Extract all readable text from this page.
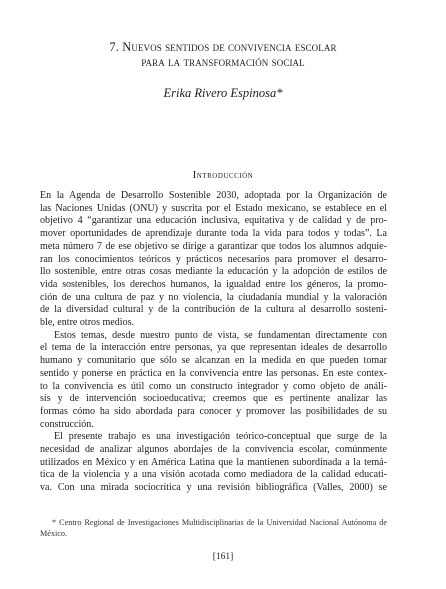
7. Nuevos sentidos de convivencia escolar
para la transformación social
Erika Rivero Espinosa*
Introducción

En la Agenda de Desarrollo Sostenible 2030, adoptada por la Organización de

las Naciones Unidas (ONU) y suscrita por el Estado mexicano, se establece en el

objetivo 4 “garantizar una educación inclusiva, equitativa y de calidad y de pro-

mover oportunidades de aprendizaje durante toda la vida para todos y todas”. La

meta número 7 de ese objetivo se dirige a garantizar que todos los alumnos adquie-

ran los conocimientos teóricos y prácticos necesarios para promover el desarro-

llo sostenible, entre otras cosas mediante la educación y la adopción de estilos de

vida sostenibles, los derechos humanos, la igualdad entre los géneros, la promo-

ción de una cultura de paz y no violencia, la ciudadanía mundial y la valoración

de la diversidad cultural y de la contribución de la cultura al desarrollo sosteni-

ble, entre otros medios.

Estos temas, desde nuestro punto de vista, se fundamentan directamente con

el tema de la interacción entre personas, ya que representan ideales de desarrollo

humano y comunitario que sólo se alcanzan en la medida en que pueden tomar

sentido y ponerse en práctica en la convivencia entre las personas. En este contex-

to la convivencia es útil como un constructo integrador y como objeto de análi-

sis y de intervención socioeducativa; creemos que es pertinente analizar las

formas cómo ha sido abordada para conocer y promover las posibilidades de su

construcción.

El presente trabajo es una investigación teórico-conceptual que surge de la

necesidad de analizar algunos abordajes de la convivencia escolar, comúnmente

utilizados en México y en América Latina que la mantienen subordinada a la temá-

tica de la violencia y a una visión acotada como mediadora de la calidad educati-

va. Con una mirada sociocrítica y una revisión bibliográfica (Valles, 2000) se

* Centro Regional de Investigaciones Multidisciplinarias de la Universidad Nacional Autónoma de México.
[161]
